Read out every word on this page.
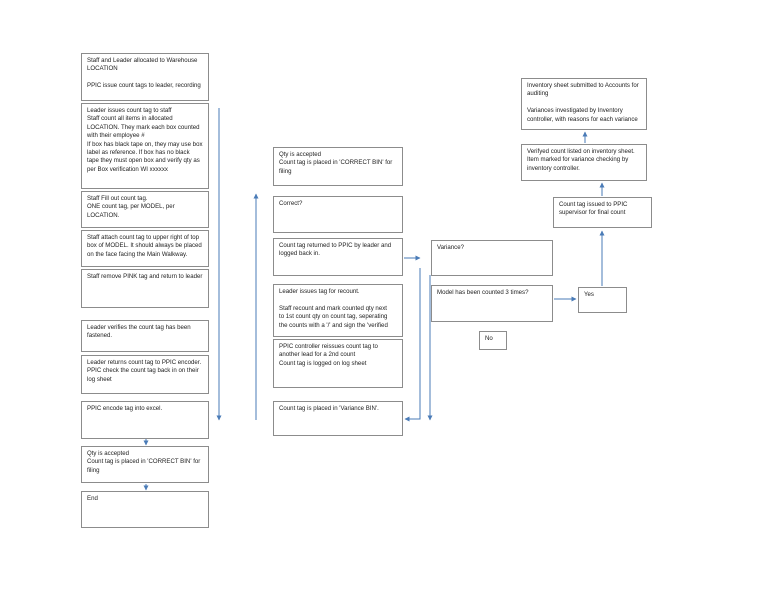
Staff and Leader allocated to Warehouse
LOCATION

PPIC issue count tags to leader, recording
Leader issues count tag to staff
Staff count all items in allocated
LOCATION. They mark each box counted
with their employee #
If box has black tape on, they may use box
label as reference. If box has no black
tape they must open box and verify qty as
per Box verification WI xxxxxx
Staff Fill out count tag.
ONE count tag, per MODEL, per
LOCATION.
Staff attach count tag to upper right of top
box of MODEL. It should always be placed
on the face facing the Main Walkway.
Staff remove PINK tag and return to leader
Leader verifies the count tag has been
fastened.
Leader returns count tag to PPIC encoder.
PPIC check the count tag back in on their
log sheet
PPIC encode tag into excel.
Qty is accepted
Count tag is placed in 'CORRECT BIN' for
filing
End
Qty is accepted
Count tag is placed in 'CORRECT BIN' for
filing
Correct?
Count tag returned to PPIC by leader and
logged back in.
Leader issues tag for recount.

Staff recount and mark counted qty next
to 1st count qty on count tag, seperating
the counts with a '/' and sign the 'verified
PPIC controller reissues count tag to
another lead for a 2nd count
Count tag is logged on log sheet
Count tag is placed in 'Variance BIN'.
Variance?
Model has been counted 3 times?
No
Yes
Count tag issued to PPIC
supervisor for final count
Verifyed count listed on inventory sheet.
Item marked for variance checking by
inventory controller.
Inventory sheet submitted to Accounts for
auditing

Variances investigated by Inventory
controller, with reasons for each variance
